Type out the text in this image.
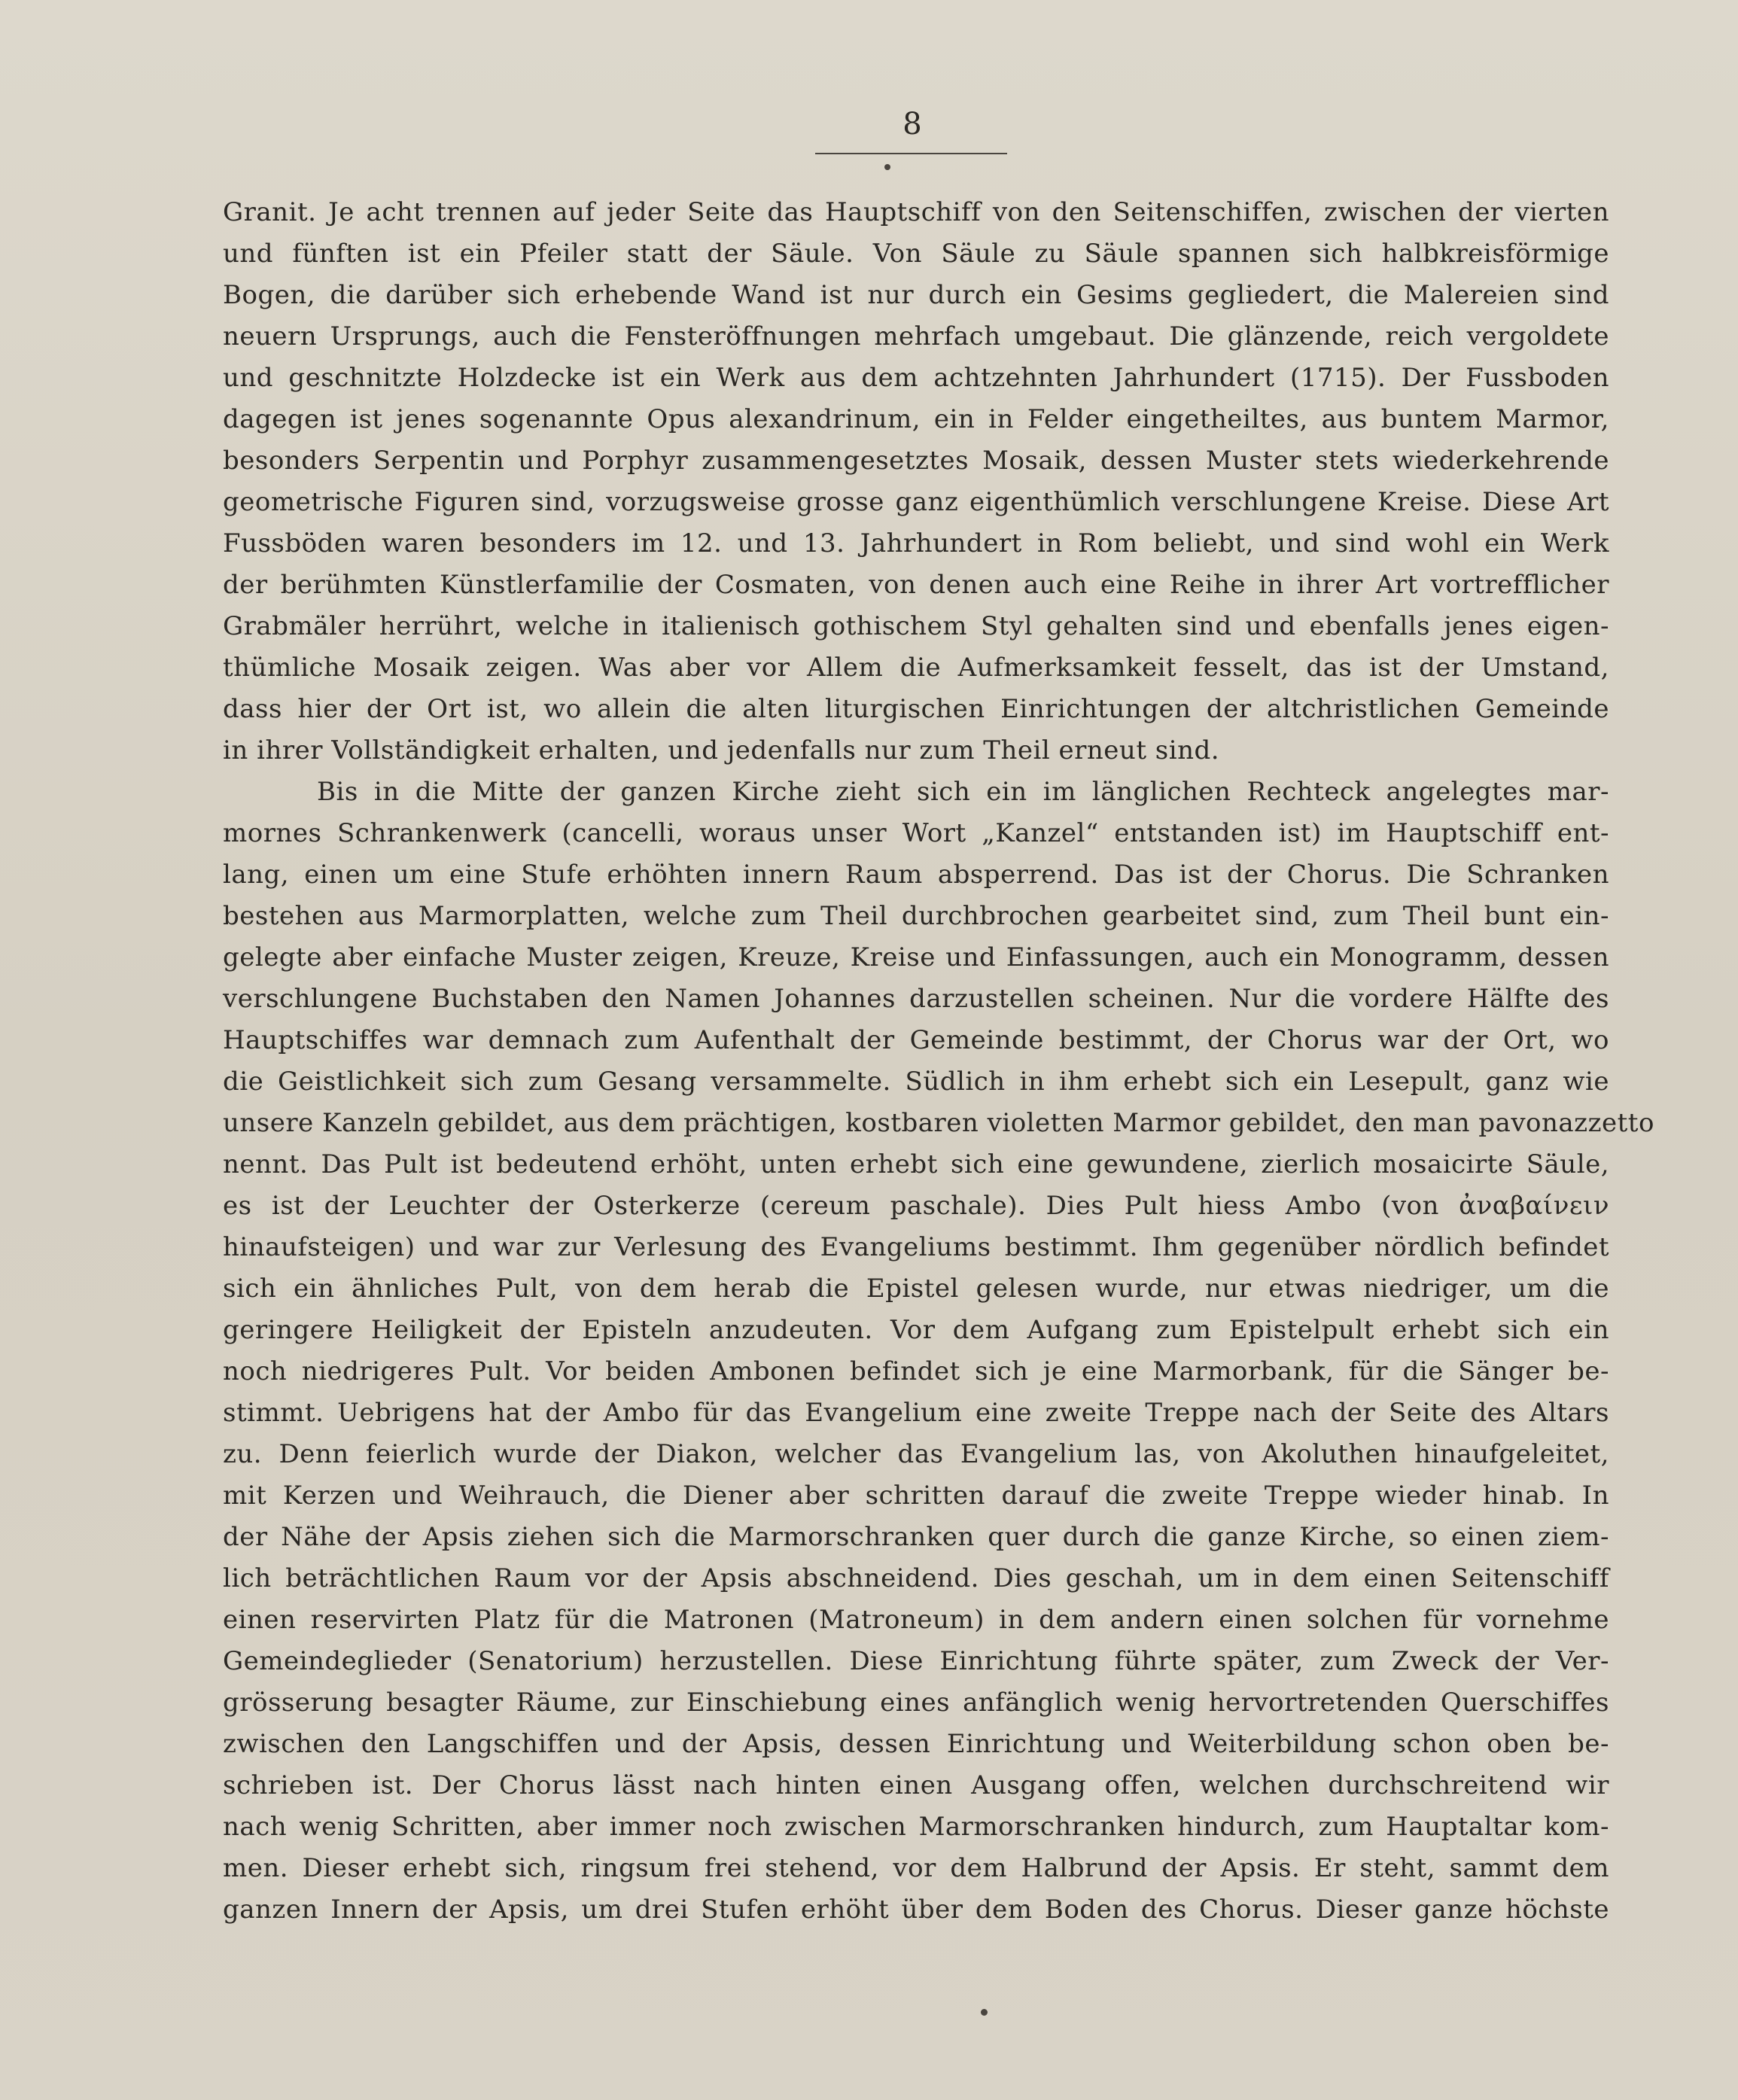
8
Granit. Je acht trennen auf jeder Seite das Hauptschiff von den Seitenschiffen, zwischen der vierten
und fünften ist ein Pfeiler statt der Säule. Von Säule zu Säule spannen sich halbkreisförmige
Bogen, die darüber sich erhebende Wand ist nur durch ein Gesims gegliedert, die Malereien sind
neuern Ursprungs, auch die Fensteröffnungen mehrfach umgebaut. Die glänzende, reich vergoldete
und geschnitzte Holzdecke ist ein Werk aus dem achtzehnten Jahrhundert (1715). Der Fussboden
dagegen ist jenes sogenannte Opus alexandrinum, ein in Felder eingetheiltes, aus buntem Marmor,
besonders Serpentin und Porphyr zusammengesetztes Mosaik, dessen Muster stets wiederkehrende
geometrische Figuren sind, vorzugsweise grosse ganz eigenthümlich verschlungene Kreise. Diese Art
Fussböden waren besonders im 12. und 13. Jahrhundert in Rom beliebt, und sind wohl ein Werk
der berühmten Künstlerfamilie der Cosmaten, von denen auch eine Reihe in ihrer Art vortrefflicher
Grabmäler herrührt, welche in italienisch gothischem Styl gehalten sind und ebenfalls jenes eigen-
thümliche Mosaik zeigen. Was aber vor Allem die Aufmerksamkeit fesselt, das ist der Umstand,
dass hier der Ort ist, wo allein die alten liturgischen Einrichtungen der altchristlichen Gemeinde
in ihrer Vollständigkeit erhalten, und jedenfalls nur zum Theil erneut sind.
Bis in die Mitte der ganzen Kirche zieht sich ein im länglichen Rechteck angelegtes mar-
mornes Schrankenwerk (cancelli, woraus unser Wort „Kanzel“ entstanden ist) im Hauptschiff ent-
lang, einen um eine Stufe erhöhten innern Raum absperrend. Das ist der Chorus. Die Schranken
bestehen aus Marmorplatten, welche zum Theil durchbrochen gearbeitet sind, zum Theil bunt ein-
gelegte aber einfache Muster zeigen, Kreuze, Kreise und Einfassungen, auch ein Monogramm, dessen
verschlungene Buchstaben den Namen Johannes darzustellen scheinen. Nur die vordere Hälfte des
Hauptschiffes war demnach zum Aufenthalt der Gemeinde bestimmt, der Chorus war der Ort, wo
die Geistlichkeit sich zum Gesang versammelte. Südlich in ihm erhebt sich ein Lesepult, ganz wie
unsere Kanzeln gebildet, aus dem prächtigen, kostbaren violetten Marmor gebildet, den man pavonazzetto
nennt. Das Pult ist bedeutend erhöht, unten erhebt sich eine gewundene, zierlich mosaicirte Säule,
es ist der Leuchter der Osterkerze (cereum paschale). Dies Pult hiess Ambo (von ἀναβαίνειν
hinaufsteigen) und war zur Verlesung des Evangeliums bestimmt. Ihm gegenüber nördlich befindet
sich ein ähnliches Pult, von dem herab die Epistel gelesen wurde, nur etwas niedriger, um die
geringere Heiligkeit der Episteln anzudeuten. Vor dem Aufgang zum Epistelpult erhebt sich ein
noch niedrigeres Pult. Vor beiden Ambonen befindet sich je eine Marmorbank, für die Sänger be-
stimmt. Uebrigens hat der Ambo für das Evangelium eine zweite Treppe nach der Seite des Altars
zu. Denn feierlich wurde der Diakon, welcher das Evangelium las, von Akoluthen hinaufgeleitet,
mit Kerzen und Weihrauch, die Diener aber schritten darauf die zweite Treppe wieder hinab. In
der Nähe der Apsis ziehen sich die Marmorschranken quer durch die ganze Kirche, so einen ziem-
lich beträchtlichen Raum vor der Apsis abschneidend. Dies geschah, um in dem einen Seitenschiff
einen reservirten Platz für die Matronen (Matroneum) in dem andern einen solchen für vornehme
Gemeindeglieder (Senatorium) herzustellen. Diese Einrichtung führte später, zum Zweck der Ver-
grösserung besagter Räume, zur Einschiebung eines anfänglich wenig hervortretenden Querschiffes
zwischen den Langschiffen und der Apsis, dessen Einrichtung und Weiterbildung schon oben be-
schrieben ist. Der Chorus lässt nach hinten einen Ausgang offen, welchen durchschreitend wir
nach wenig Schritten, aber immer noch zwischen Marmorschranken hindurch, zum Hauptaltar kom-
men. Dieser erhebt sich, ringsum frei stehend, vor dem Halbrund der Apsis. Er steht, sammt dem
ganzen Innern der Apsis, um drei Stufen erhöht über dem Boden des Chorus. Dieser ganze höchste
